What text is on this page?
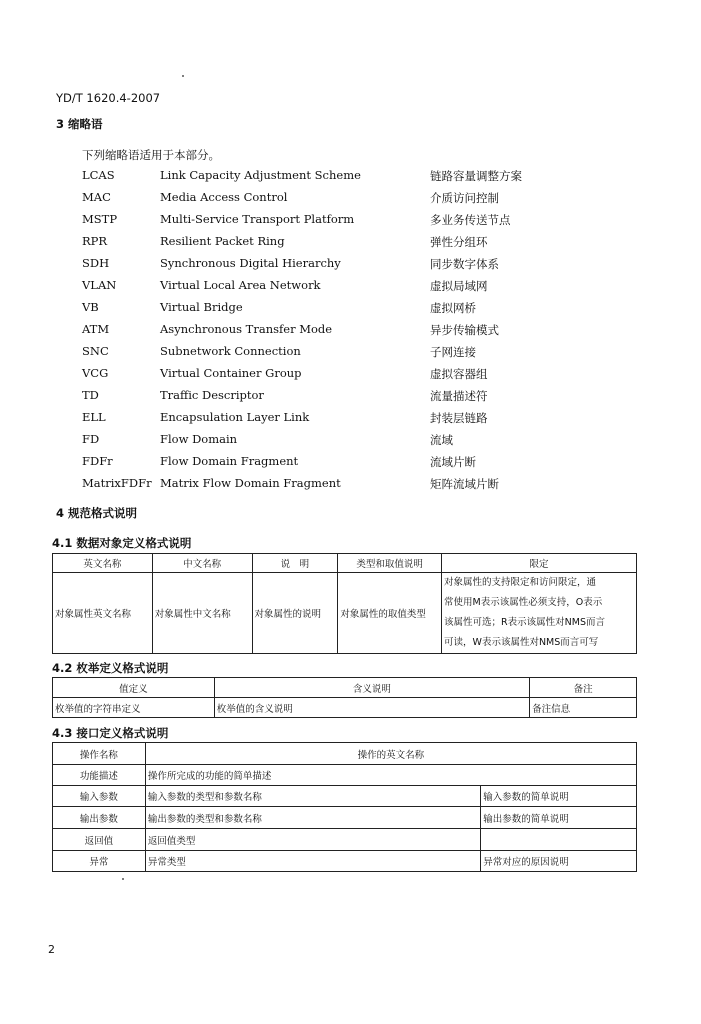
YD/T 1620.4-2007
3 缩略语
下列缩略语适用于本部分。
LCAS	Link Capacity Adjustment Scheme	链路容量调整方案
MAC	Media Access Control	介质访问控制
MSTP	Multi-Service Transport Platform	多业务传送节点
RPR	Resilient Packet Ring	弹性分组环
SDH	Synchronous Digital Hierarchy	同步数字体系
VLAN	Virtual Local Area Network	虚拟局域网
VB	Virtual Bridge	虚拟网桥
ATM	Asynchronous Transfer Mode	异步传输模式
SNC	Subnetwork Connection	子网连接
VCG	Virtual Container Group	虚拟容器组
TD	Traffic Descriptor	流量描述符
ELL	Encapsulation Layer Link	封装层链路
FD	Flow Domain	流域
FDFr	Flow Domain Fragment	流域片断
MatrixFDFr Matrix Flow Domain Fragment	矩阵流域片断
4 规范格式说明
4.1 数据对象定义格式说明
英文名称	中文名称	说　明	类型和取值说明	限定
对象属性英文名称	对象属性中文名称	对象属性的说明	对象属性的取值类型	对象属性的支持限定和访问限定，通
常使用M表示该属性必须支持，O表示
该属性可选；R表示该属性对NMS而言
可读，W表示该属性对NMS而言可写
4.2 枚举定义格式说明
值定义	含义说明	备注
枚举值的字符串定义	枚举值的含义说明	备注信息
4.3 接口定义格式说明
操作名称	操作的英文名称	
功能描述	操作所完成的功能的简单描述	
输入参数	输入参数的类型和参数名称	输入参数的简单说明
输出参数	输出参数的类型和参数名称	输出参数的简单说明
返回值	返回值类型	
异常	异常类型	异常对应的原因说明
2
